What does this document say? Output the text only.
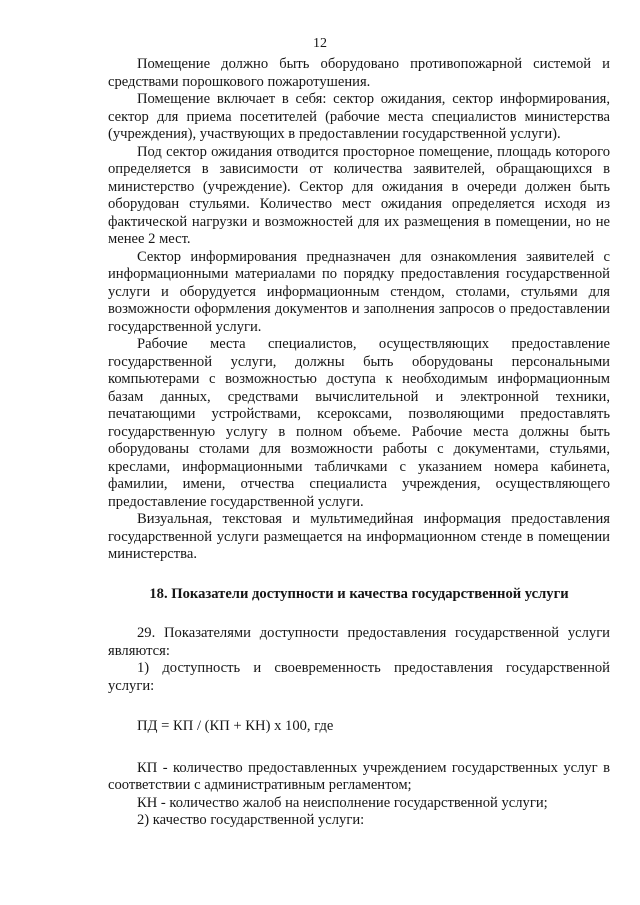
12

Помещение должно быть оборудовано противопожарной системой и средствами порошкового пожаротушения.

Помещение включает в себя: сектор ожидания, сектор информирования, сектор для приема посетителей (рабочие места специалистов министерства (учреждения), участвующих в предоставлении государственной услуги).

Под сектор ожидания отводится просторное помещение, площадь которого определяется в зависимости от количества заявителей, обращающихся в министерство (учреждение). Сектор для ожидания в очереди должен быть оборудован стульями. Количество мест ожидания определяется исходя из фактической нагрузки и возможностей для их размещения в помещении, но не менее 2 мест.

Сектор информирования предназначен для ознакомления заявителей с информационными материалами по порядку предоставления государственной услуги и оборудуется информационным стендом, столами, стульями для возможности оформления документов и заполнения запросов о предоставлении государственной услуги.

Рабочие места специалистов, осуществляющих предоставление государственной услуги, должны быть оборудованы персональными компьютерами с возможностью доступа к необходимым информационным базам данных, средствами вычислительной и электронной техники, печатающими устройствами, ксероксами, позволяющими предоставлять государственную услугу в полном объеме. Рабочие места должны быть оборудованы столами для возможности работы с документами, стульями, креслами, информационными табличками с указанием номера кабинета, фамилии, имени, отчества специалиста учреждения, осуществляющего предоставление государственной услуги.

Визуальная, текстовая и мультимедийная информация предоставления государственной услуги размещается на информационном стенде в помещении министерства.

18. Показатели доступности и качества государственной услуги

29. Показателями доступности предоставления государственной услуги являются:

1) доступность и своевременность предоставления государственной услуги:

ПД = КП / (КП + КН) х 100, где

КП - количество предоставленных учреждением государственных услуг в соответствии с административным регламентом;

КН - количество жалоб на неисполнение государственной услуги;

2) качество государственной услуги:
